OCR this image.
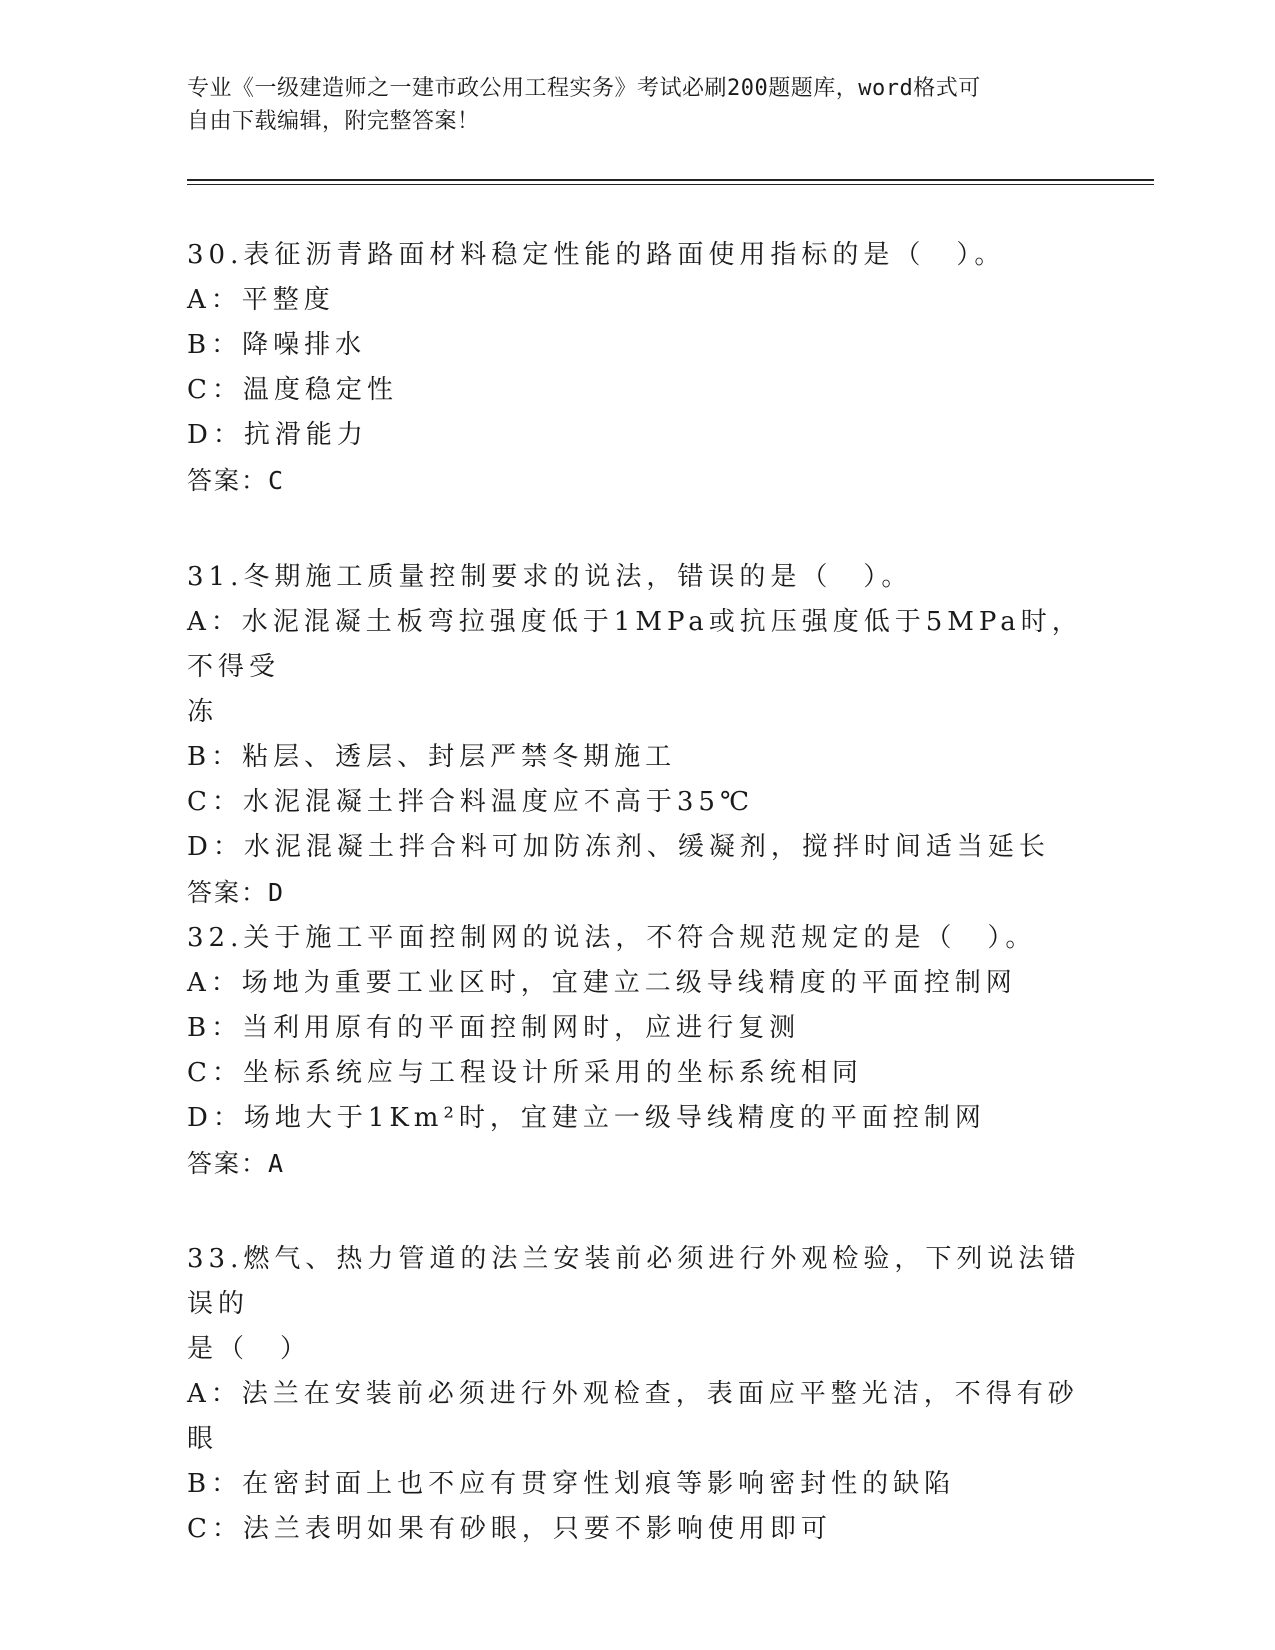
专业《一级建造师之一建市政公用工程实务》考试必刷200题题库，word格式可
自由下载编辑，附完整答案！
30.表征沥青路面材料稳定性能的路面使用指标的是（　）。
A：平整度
B：降噪排水
C：温度稳定性
D：抗滑能力
答案：C
31.冬期施工质量控制要求的说法，错误的是（　）。
A：水泥混凝土板弯拉强度低于1MPa或抗压强度低于5MPa时，不得受
冻
B：粘层、透层、封层严禁冬期施工
C：水泥混凝土拌合料温度应不高于35℃
D：水泥混凝土拌合料可加防冻剂、缓凝剂，搅拌时间适当延长
答案：D
32.关于施工平面控制网的说法，不符合规范规定的是（　）。
A：场地为重要工业区时，宜建立二级导线精度的平面控制网
B：当利用原有的平面控制网时，应进行复测
C：坐标系统应与工程设计所采用的坐标系统相同
D：场地大于1Km²时，宜建立一级导线精度的平面控制网
答案：A
33.燃气、热力管道的法兰安装前必须进行外观检验，下列说法错误的
是（　）
A：法兰在安装前必须进行外观检查，表面应平整光洁，不得有砂眼
B：在密封面上也不应有贯穿性划痕等影响密封性的缺陷
C：法兰表明如果有砂眼，只要不影响使用即可
